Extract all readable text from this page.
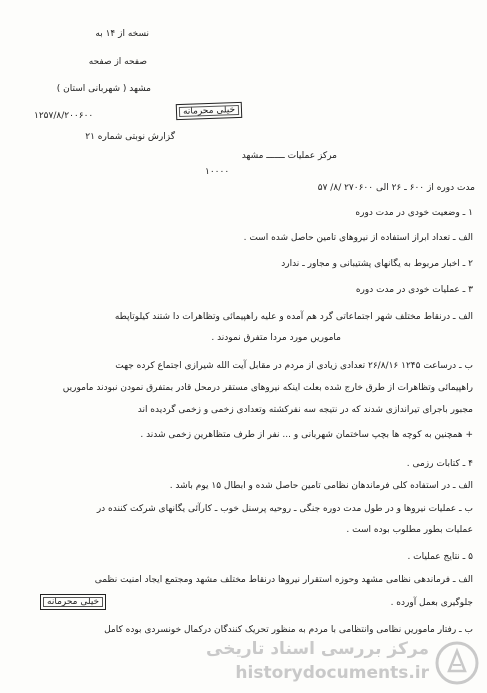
نسخه از ۱۴ به
صفحه از صفحه
مشهد ( شهربانی استان )
۱۲۵۷/۸/۲۰۰۶۰۰	خیلی محرمانه
گزارش نوبتی شماره ۲۱
مرکز عملیات ـــــــ مشهد
۱۰۰۰۰
مدت دوره از ۶۰۰ ـ ۲۶ الی ۲۷۰۶۰۰ /۸/ ۵۷
۱ ـ وضعیت خودی در مدت دوره
الف ـ تعداد ابراز استفاده از نیروهای تامین حاصل شده است .
۲ ـ اخبار مربوط به یگانهای پشتیبانی و مجاور ـ ندارد
۳ ـ عملیات خودی در مدت دوره
الف ـ درنقاط مختلف شهر اجتماعاتی گرد هم آمده و علیه راهپیمائی وتظاهرات دا شتند کیلوتاپطه
ماموریں مورد مردا متفرق نمودند .
ب ـ درساعت ۱۲۴۵ ۲۶/۸/۱۶ تعدادی زیادی از مردم در مقابل آیت الله شیرازی اجتماع کرده جهت
راهپیمائی وتظاهرات از طرق خارج شده بعلت اینکه نیروهای مستقر درمحل قادر بمتفرق نمودن نبودند ماموریں
مجبور باجرای تیراندازی شدند که در نتیجه سه نفرکشته وتعدادی زخمی و زخمی گردیده اند
+ همچنین به کوچه ها بچپ ساختمان شهربانی و ... نفر از طرف متظاهرین زخمی شدند .
۴ ـ کتابات رزمی .
الف ـ در استفاده کلی فرماندهان نظامی تامین حاصل شده و ابطال ۱۵ یوم باشد .
ب ـ عملیات نیروها و در طول مدت دوره جنگی ـ روحیه پرسنل خوب ـ کارآئی یگانهای شرکت کننده در
عملیات بطور مطلوب بوده است .
۵ ـ نتایج عملیات .
الف ـ فرماندهی نظامی مشهد وحوزه استقرار نیروها درنقاط مختلف مشهد ومجتمع ایجاد امنیت نظمی
جلوگیری بعمل آورده .
ب ـ رفتار ماموریں نظامی وانتظامی با مردم به منظور تحریک کنندگان درکمال خونسردی بوده کامل
خیلی محرمانه
مرکز بررسی اسناد تاریخی
historydocuments.ir
